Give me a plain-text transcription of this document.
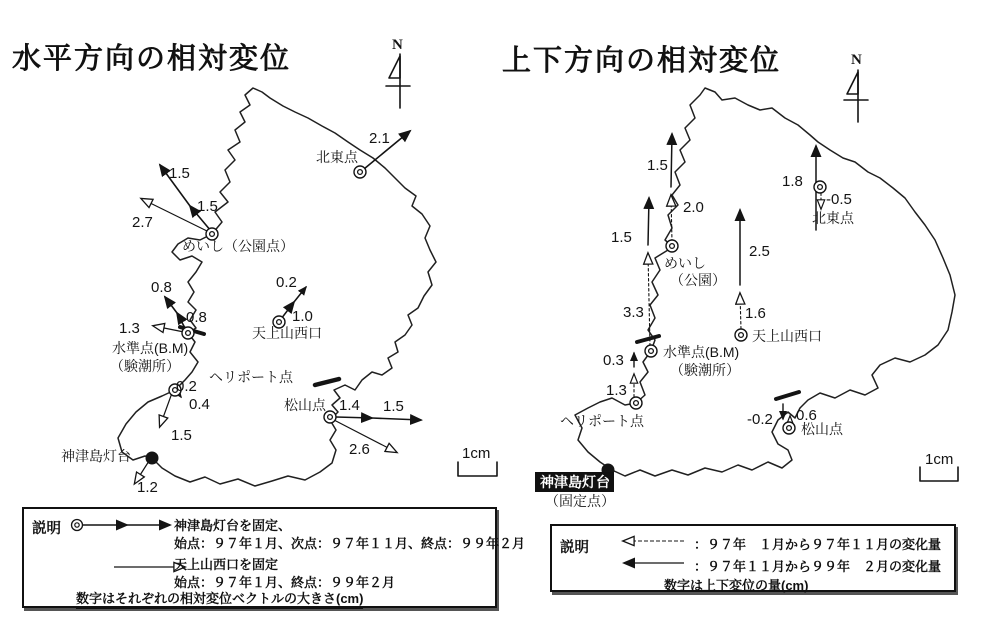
水平方向の相対変位	上下方向の相対変位
N
2.1
北東点
1.5
1.5
2.7
めいし（公園点）
0.8
0.8
1.3
水準点(B.M)
（験潮所）
0.2
1.0
天上山西口
0.2
0.4
1.5
ヘリポート点
1.4 1.5
2.6
松山点
1.2
神津島灯台	1cm
N
1.5
2.0
めいし
（公園）
1.5
3.3
水準点(B.M)
（験潮所）
2.5
1.6
天上山西口
1.8
-0.5
北東点
0.3
1.3
ヘリポート点	-0.2 0.6
松山点
神津島灯台
（固定点）
1cm
説明	神津島灯台を固定、
始点：９７年１月、次点：９７年１１月、終点：９９年２月
天上山西口を固定
始点：９７年１月、終点：９９年２月
数字はそれぞれの相対変位ベクトルの大きさ(cm)
説明	：９７年　１月から９７年１１月の変化量
：９７年１１月から９９年　２月の変化量
数字は上下変位の量(cm)
